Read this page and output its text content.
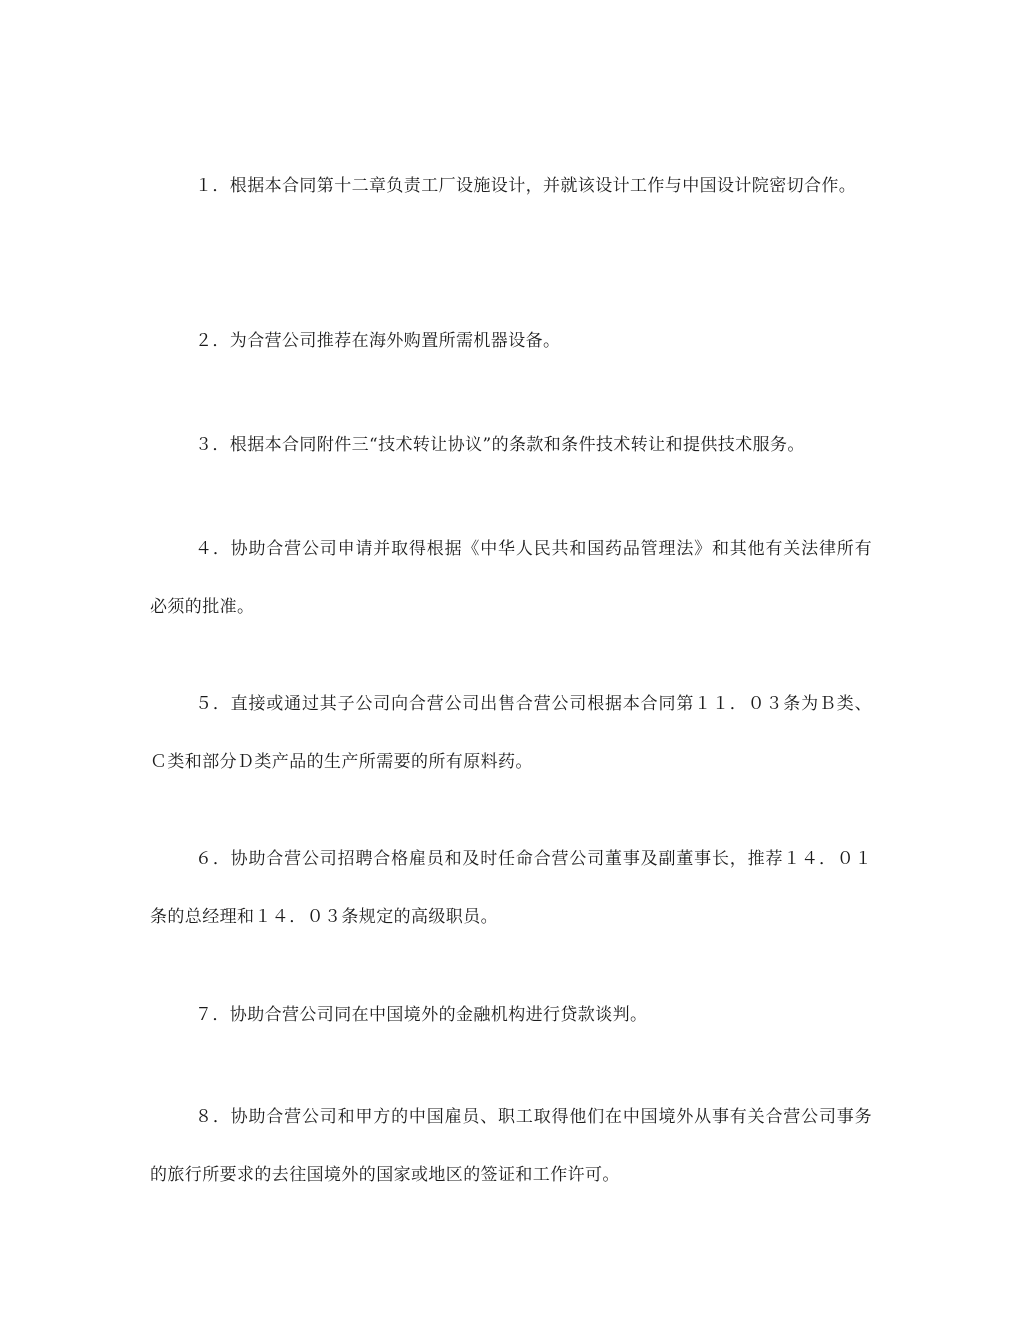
１．根据本合同第十二章负责工厂设施设计，并就该设计工作与中国设计院密切合作。

２．为合营公司推荐在海外购置所需机器设备。

３．根据本合同附件三“技术转让协议”的条款和条件技术转让和提供技术服务。

４．协助合营公司申请并取得根据《中华人民共和国药品管理法》和其他有关法律所有必须的批准。

５．直接或通过其子公司向合营公司出售合营公司根据本合同第１１．０３条为Ｂ类、Ｃ类和部分Ｄ类产品的生产所需要的所有原料药。

６．协助合营公司招聘合格雇员和及时任命合营公司董事及副董事长，推荐１４．０１条的总经理和１４．０３条规定的高级职员。

７．协助合营公司同在中国境外的金融机构进行贷款谈判。

８．协助合营公司和甲方的中国雇员、职工取得他们在中国境外从事有关合营公司事务的旅行所要求的去往国境外的国家或地区的签证和工作许可。
